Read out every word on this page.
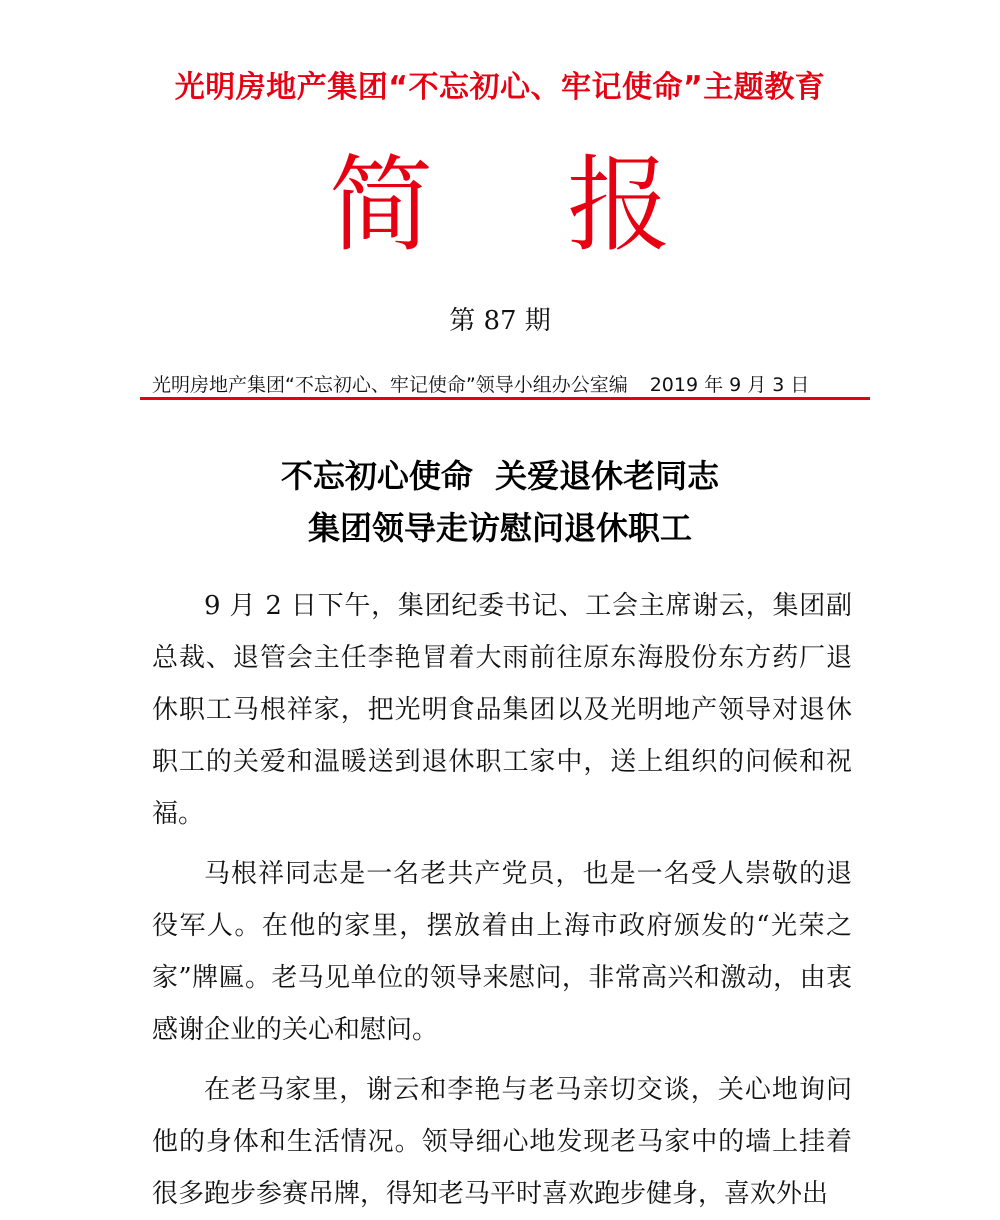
光明房地产集团“不忘初心、牢记使命”主题教育
简 报
第 87 期
光明房地产集团“不忘初心、牢记使命”领导小组办公室编 2019 年 9 月 3 日
不忘初心使命  关爱退休老同志
集团领导走访慰问退休职工

9 月 2 日下午，集团纪委书记、工会主席谢云，集团副总裁、退管会主任李艳冒着大雨前往原东海股份东方药厂退休职工马根祥家，把光明食品集团以及光明地产领导对退休职工的关爱和温暖送到退休职工家中，送上组织的问候和祝福。

马根祥同志是一名老共产党员，也是一名受人崇敬的退役军人。在他的家里，摆放着由上海市政府颁发的“光荣之家”牌匾。老马见单位的领导来慰问，非常高兴和激动，由衷感谢企业的关心和慰问。

在老马家里，谢云和李艳与老马亲切交谈，关心地询问他的身体和生活情况。领导细心地发现老马家中的墙上挂着很多跑步参赛吊牌，得知老马平时喜欢跑步健身，喜欢外出
